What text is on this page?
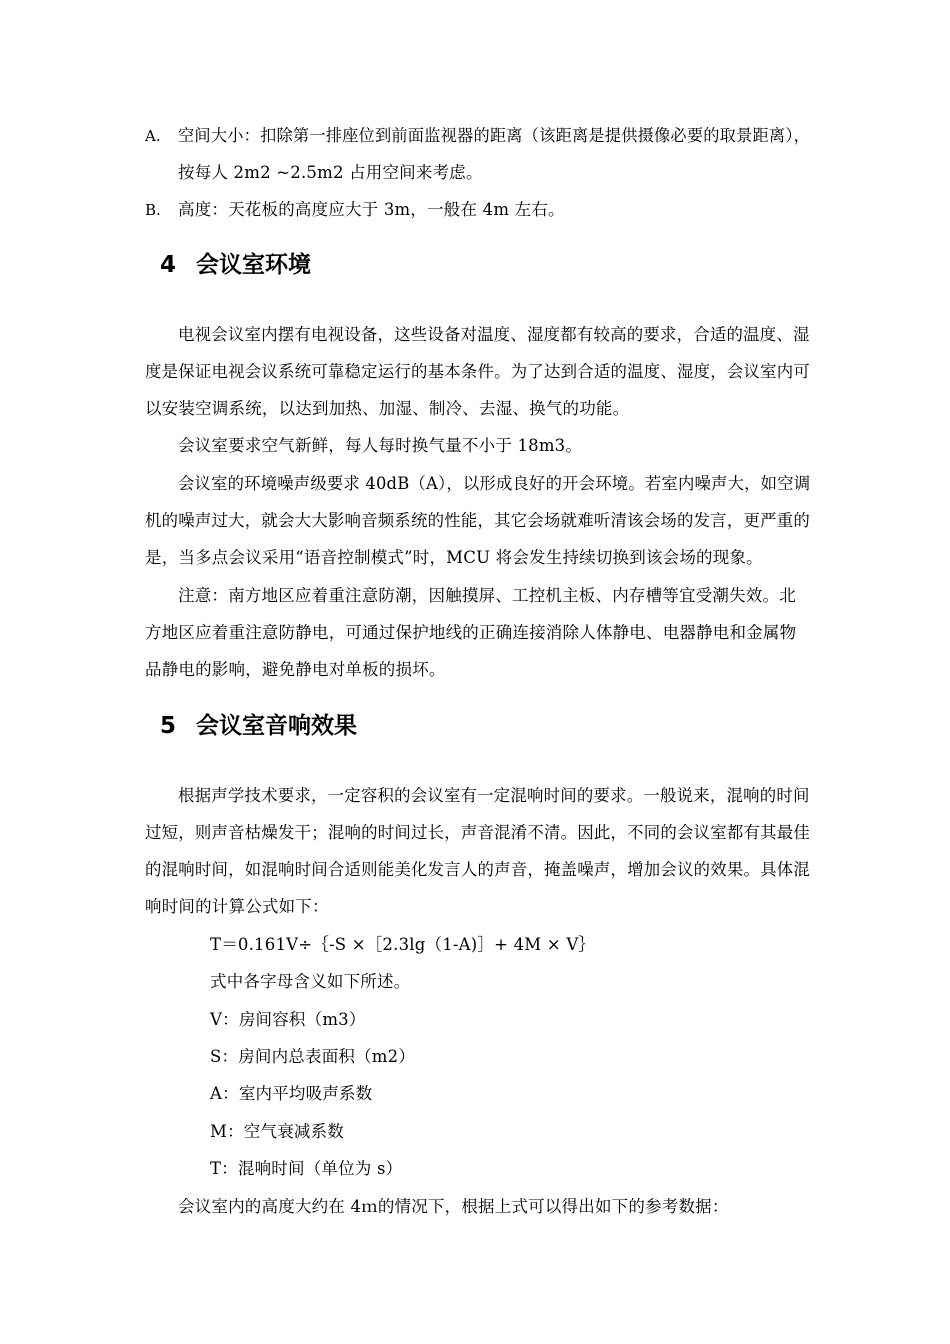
A. 空间大小：扣除第一排座位到前面监视器的距离（该距离是提供摄像必要的取景距离），
按每人 2m2 ~2.5m2 占用空间来考虑。
B. 高度：天花板的高度应大于 3m，一般在 4m 左右。
4 会议室环境
电视会议室内摆有电视设备，这些设备对温度、湿度都有较高的要求，合适的温度、湿
度是保证电视会议系统可靠稳定运行的基本条件。为了达到合适的温度、湿度，会议室内可
以安装空调系统，以达到加热、加湿、制冷、去湿、换气的功能。
会议室要求空气新鲜，每人每时换气量不小于 18m3。
会议室的环境噪声级要求 40dB（A），以形成良好的开会环境。若室内噪声大，如空调
机的噪声过大，就会大大影响音频系统的性能，其它会场就难听清该会场的发言，更严重的
是，当多点会议采用“语音控制模式”时，MCU 将会发生持续切换到该会场的现象。
注意：南方地区应着重注意防潮，因触摸屏、工控机主板、内存槽等宜受潮失效。北
方地区应着重注意防静电，可通过保护地线的正确连接消除人体静电、电器静电和金属物
品静电的影响，避免静电对单板的损坏。
5 会议室音响效果
根据声学技术要求，一定容积的会议室有一定混响时间的要求。一般说来，混响的时间
过短，则声音枯燥发干；混响的时间过长，声音混淆不清。因此，不同的会议室都有其最佳
的混响时间，如混响时间合适则能美化发言人的声音，掩盖噪声，增加会议的效果。具体混
响时间的计算公式如下：
T＝0.161V÷｛-S ×［2.3lg（1-A)］+ 4M × V｝
式中各字母含义如下所述。
V：房间容积（m3）
S：房间内总表面积（m2）
A：室内平均吸声系数
M：空气衰减系数
T：混响时间（单位为 s）
会议室内的高度大约在 4ｍ的情况下，根据上式可以得出如下的参考数据：
